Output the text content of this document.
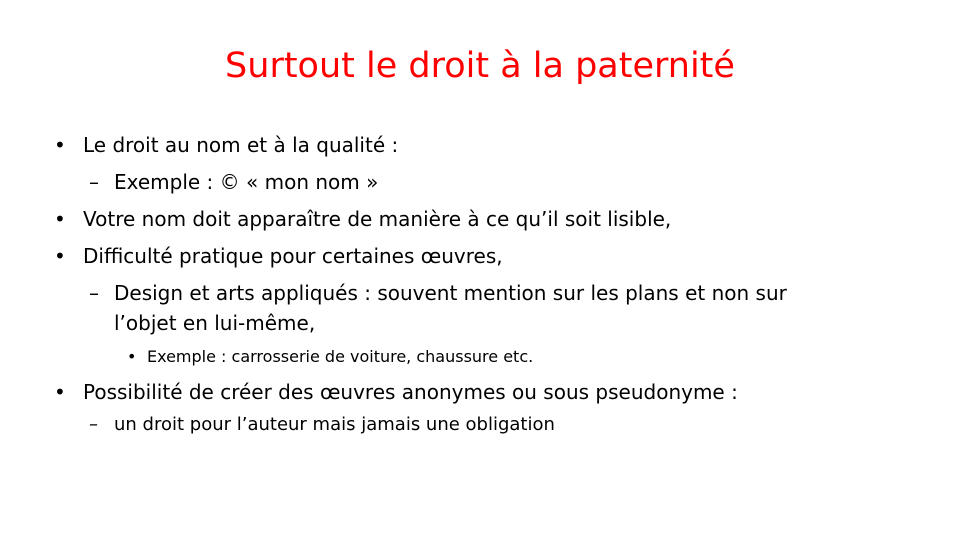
Surtout le droit à la paternité
• Le droit au nom et à la qualité :
– Exemple : © « mon nom »
• Votre nom doit apparaître de manière à ce qu’il soit lisible,
• Difficulté pratique pour certaines œuvres,
– Design et arts appliqués : souvent mention sur les plans et non sur
l’objet en lui-même,
• Exemple : carrosserie de voiture, chaussure etc.
• Possibilité de créer des œuvres anonymes ou sous pseudonyme :
– un droit pour l’auteur mais jamais une obligation
